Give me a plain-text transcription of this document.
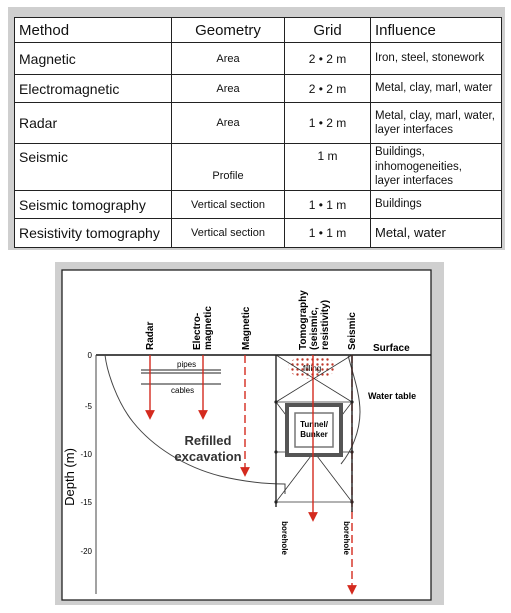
Method	Geometry	Grid	Influence
Magnetic	Area	2 • 2 m	Iron, steel, stonework
Electromagnetic	Area	2 • 2 m	Metal, clay, marl, water
Radar	Area	1 • 2 m	Metal, clay, marl, water,
layer interfaces

Seismic	Profile	1 m	Buildings, inhomogeneities,
layer interfaces

Seismic tomography	Vertical section	1 • 1 m	Buildings
Resistivity tomography	Vertical section	1 • 1 m	Metal, water
Surface
0
-5
-10
-15
-20
Depth (m)
Water table
pipes
cables
filling
Tunnel/
Bunker
Refilled
excavation
borehole	borehole
Radar	Electro- magnetic	Magnetic	Tomography (seismic, resistivity) Seismic
